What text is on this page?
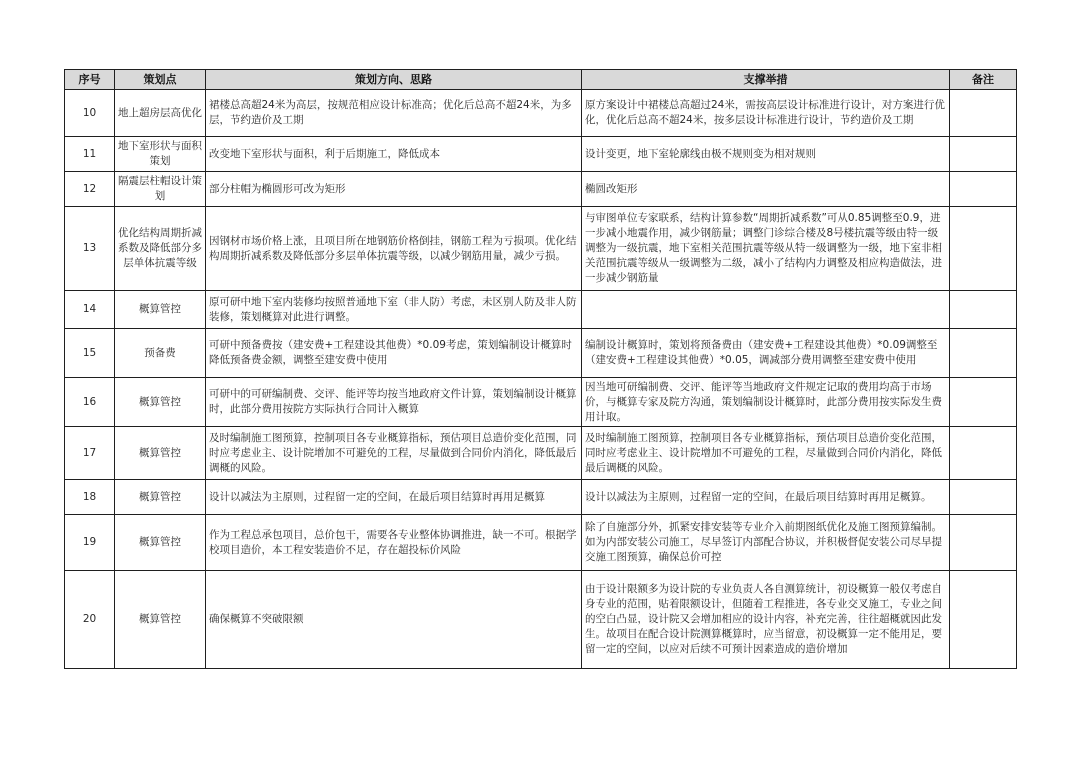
序号	策划点	策划方向、思路	支撑举措	备注
10	地上超房层高优化	裙楼总高超24米为高层，按规范相应设计标准高；优化后总高不超24米，为多层，节约造价及工期	原方案设计中裙楼总高超过24米，需按高层设计标准进行设计，对方案进行优化，优化后总高不超24米，按多层设计标准进行设计，节约造价及工期	
11	地下室形状与面积策划	改变地下室形状与面积，利于后期施工，降低成本	设计变更，地下室轮廓线由极不规则变为相对规则	
12	隔震层柱帽设计策划	部分柱帽为椭圆形可改为矩形	椭圆改矩形	
13	优化结构周期折减系数及降低部分多层单体抗震等级	因钢材市场价格上涨，且项目所在地钢筋价格倒挂，钢筋工程为亏损项。优化结构周期折减系数及降低部分多层单体抗震等级，以减少钢筋用量，减少亏损。	与审图单位专家联系，结构计算参数“周期折减系数”可从0.85调整至0.9，进一步减小地震作用，减少钢筋量；调整门诊综合楼及8号楼抗震等级由特一级调整为一级抗震，地下室相关范围抗震等级从特一级调整为一级，地下室非相关范围抗震等级从一级调整为二级，减小了结构内力调整及相应构造做法，进一步减少钢筋量	
14	概算管控	原可研中地下室内装修均按照普通地下室（非人防）考虑，未区别人防及非人防装修，策划概算对此进行调整。		
15	预备费	可研中预备费按（建安费+工程建设其他费）*0.09考虑，策划编制设计概算时降低预备费金额，调整至建安费中使用	编制设计概算时，策划将预备费由（建安费+工程建设其他费）*0.09调整至（建安费+工程建设其他费）*0.05，调减部分费用调整至建安费中使用	
16	概算管控	可研中的可研编制费、交评、能评等均按当地政府文件计算，策划编制设计概算时，此部分费用按院方实际执行合同计入概算	因当地可研编制费、交评、能评等当地政府文件规定记取的费用均高于市场价，与概算专家及院方沟通，策划编制设计概算时，此部分费用按实际发生费用计取。	
17	概算管控	及时编制施工图预算，控制项目各专业概算指标，预估项目总造价变化范围，同时应考虑业主、设计院增加不可避免的工程，尽量做到合同价内消化，降低最后调概的风险。	及时编制施工图预算，控制项目各专业概算指标，预估项目总造价变化范围，同时应考虑业主、设计院增加不可避免的工程，尽量做到合同价内消化，降低最后调概的风险。	
18	概算管控	设计以减法为主原则，过程留一定的空间，在最后项目结算时再用足概算	设计以减法为主原则，过程留一定的空间，在最后项目结算时再用足概算。	
19	概算管控	作为工程总承包项目，总价包干，需要各专业整体协调推进，缺一不可。根据学校项目造价，本工程安装造价不足，存在超投标价风险	除了自施部分外，抓紧安排安装等专业介入前期图纸优化及施工图预算编制。如为内部安装公司施工，尽早签订内部配合协议，并积极督促安装公司尽早提交施工图预算，确保总价可控	
20	概算管控	确保概算不突破限额	由于设计限额多为设计院的专业负责人各自测算统计，初设概算一般仅考虑自身专业的范围，贴着限额设计，但随着工程推进，各专业交叉施工，专业之间的空白凸显，设计院又会增加相应的设计内容，补充完善，往往超概就因此发生。故项目在配合设计院测算概算时，应当留意，初设概算一定不能用足，要留一定的空间，以应对后续不可预计因素造成的造价增加	
